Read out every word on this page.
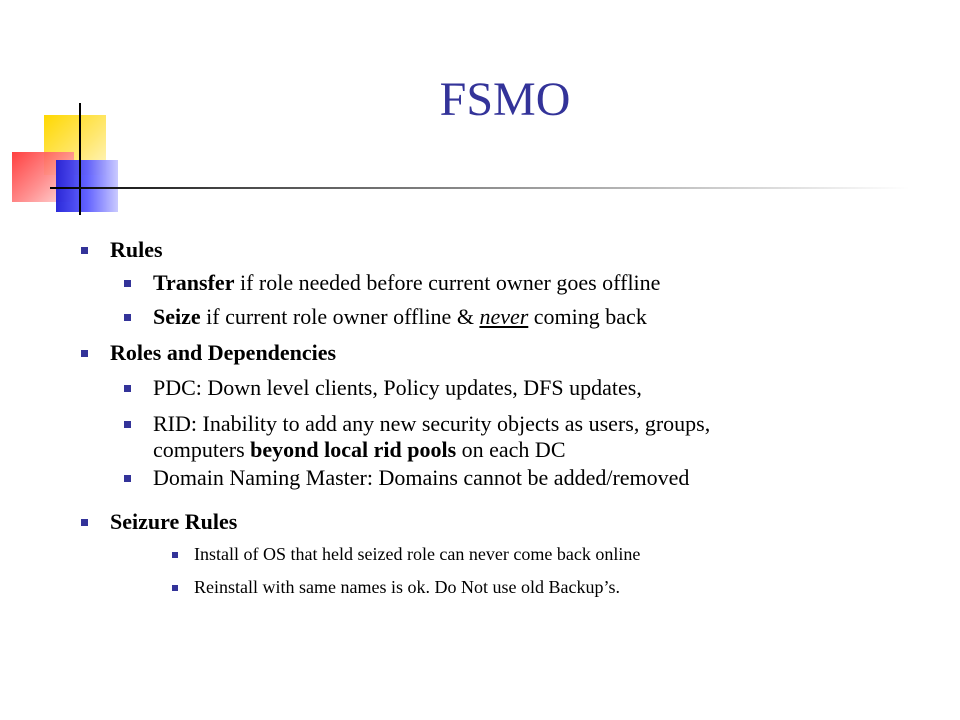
FSMO
Rules
Transfer if role needed before current owner goes offline
Seize if current role owner offline & never coming back
Roles and Dependencies
PDC: Down level clients, Policy updates, DFS updates,
RID: Inability to add any new security objects as users, groups,
computers beyond local rid pools on each DC
Domain Naming Master: Domains cannot be added/removed
Seizure Rules
Install of OS that held seized role can never come back online
Reinstall with same names is ok. Do Not use old Backup’s.
